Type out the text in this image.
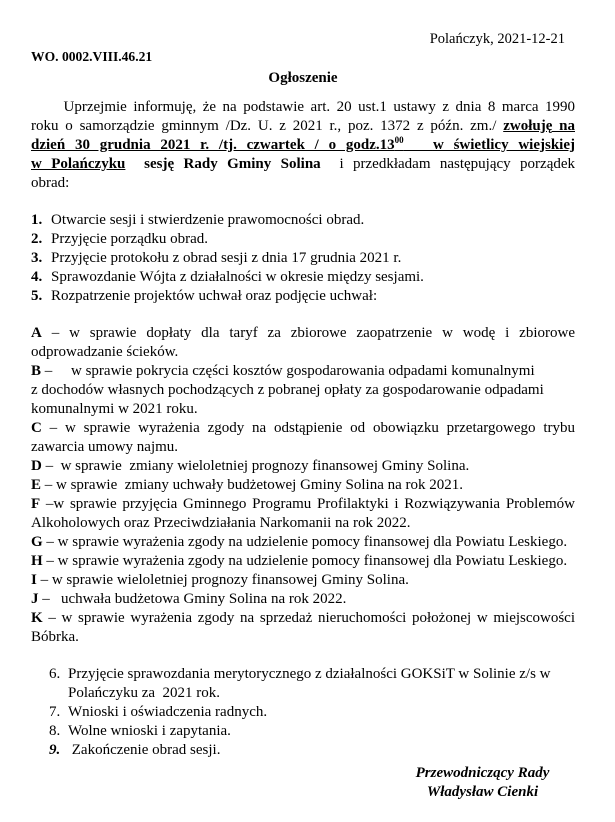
Polańczyk, 2021-12-21
WO. 0002.VIII.46.21
Ogłoszenie
Uprzejmie informuję, że na podstawie art. 20 ust.1 ustawy z dnia 8 marca 1990
roku o samorządzie gminnym /Dz. U. z 2021 r., poz. 1372 z późn. zm./ zwołuję na
dzień 30 grudnia 2021 r. /tj. czwartek / o $godz.13^{00}$ w świetlicy wiejskiej
w Polańczyku sesję Rady Gminy Solina i przedkładam następujący porządek
obrad:
1. Otwarcie sesji i stwierdzenie prawomocności obrad.
2. Przyjęcie porządku obrad.
3. Przyjęcie protokołu z obrad sesji z dnia 17 grudnia 2021 r.
4. Sprawozdanie Wójta z działalności w okresie między sesjami.
5. Rozpatrzenie projektów uchwał oraz podjęcie uchwał:
A – w sprawie dopłaty dla taryf za zbiorowe zaopatrzenie w wodę i zbiorowe
odprowadzanie ścieków.
B –     w sprawie pokrycia części kosztów gospodarowania odpadami komunalnymi
z dochodów własnych pochodzących z pobranej opłaty za gospodarowanie odpadami
komunalnymi w 2021 roku.
C – w sprawie wyrażenia zgody na odstąpienie od obowiązku przetargowego trybu
zawarcia umowy najmu.
D –  w sprawie  zmiany wieloletniej prognozy finansowej Gminy Solina.
E – w sprawie  zmiany uchwały budżetowej Gminy Solina na rok 2021.
F –w sprawie przyjęcia Gminnego Programu Profilaktyki i Rozwiązywania Problemów
Alkoholowych oraz Przeciwdziałania Narkomanii na rok 2022.
G – w sprawie wyrażenia zgody na udzielenie pomocy finansowej dla Powiatu Leskiego.
H – w sprawie wyrażenia zgody na udzielenie pomocy finansowej dla Powiatu Leskiego.
I – w sprawie wieloletniej prognozy finansowej Gminy Solina.
J –   uchwała budżetowa Gminy Solina na rok 2022.
K – w sprawie wyrażenia zgody na sprzedaż nieruchomości położonej w miejscowości
Bóbrka.
6. Przyjęcie sprawozdania merytorycznego z działalności GOKSiT w Solinie z/s w
Polańczyku za  2021 rok.
7. Wnioski i oświadczenia radnych.
8. Wolne wnioski i zapytania.
9. Zakończenie obrad sesji.
Przewodniczący Rady
Władysław Cienki
